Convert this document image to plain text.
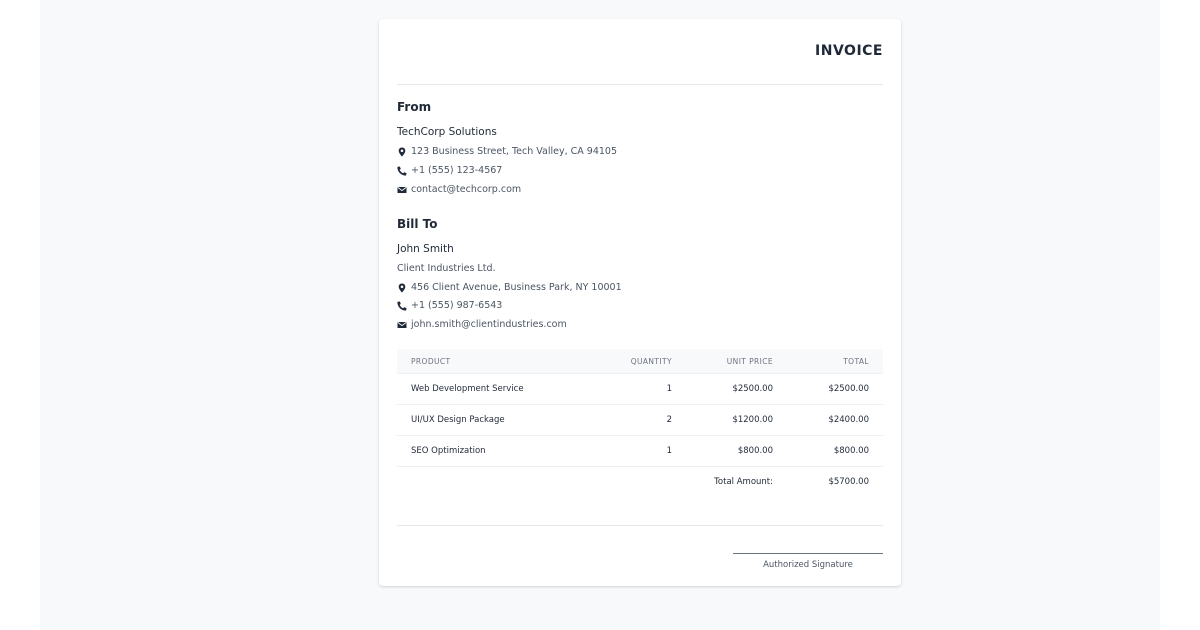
INVOICE
From
TechCorp Solutions
123 Business Street, Tech Valley, CA 94105
+1 (555) 123-4567
contact@techcorp.com
Bill To
John Smith
Client Industries Ltd.
456 Client Avenue, Business Park, NY 10001
+1 (555) 987-6543
john.smith@clientindustries.com
PRODUCT	QUANTITY	UNIT PRICE	TOTAL
Web Development Service	1	$2500.00	$2500.00
UI/UX Design Package	2	$1200.00	$2400.00
SEO Optimization	1	$800.00	$800.00
Total Amount:	$5700.00
Authorized Signature
